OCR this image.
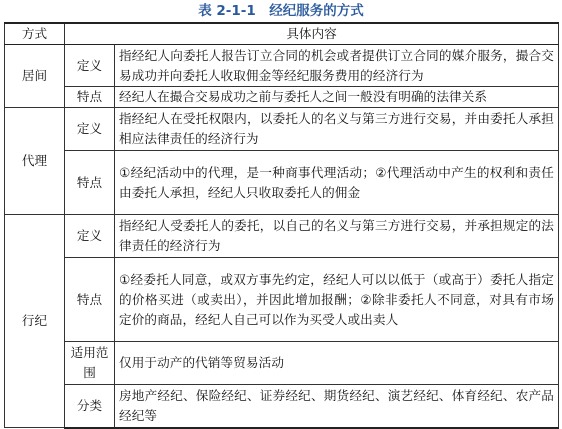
表 2-1-1　经纪服务的方式
方式	具体内容	
居间	定义	指经纪人向委托人报告订立合同的机会或者提供订立合同的媒介服务，撮合交易成功并向委托人收取佣金等经纪服务费用的经济行为
	特点	经纪人在撮合交易成功之前与委托人之间一般没有明确的法律关系
代理	定义	指经纪人在受托权限内，以委托人的名义与第三方进行交易，并由委托人承担相应法律责任的经济行为
	特点	①经纪活动中的代理，是一种商事代理活动；②代理活动中产生的权利和责任由委托人承担，经纪人只收取委托人的佣金
行纪	定义	指经纪人受委托人的委托，以自己的名义与第三方进行交易，并承担规定的法律责任的经济行为
	特点	①经委托人同意，或双方事先约定，经纪人可以以低于（或高于）委托人指定的价格买进（或卖出），并因此增加报酬；②除非委托人不同意，对具有市场定价的商品，经纪人自己可以作为买受人或出卖人
	适用范围	仅用于动产的代销等贸易活动
	分类	房地产经纪、保险经纪、证券经纪、期货经纪、演艺经纪、体育经纪、农产品经纪等
